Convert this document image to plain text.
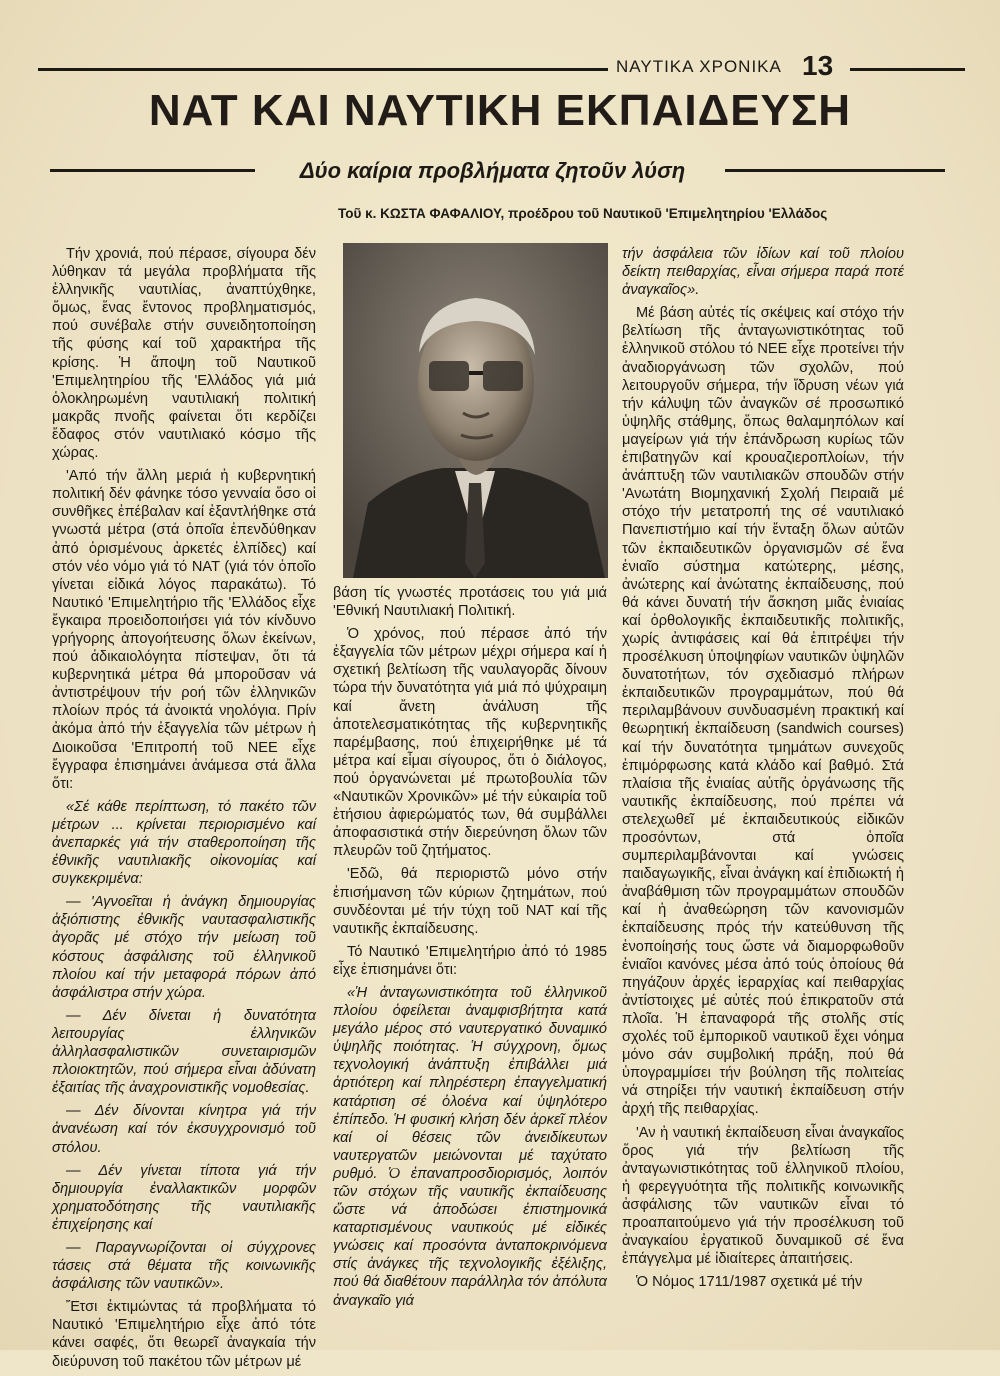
ΝΑΥΤΙΚΑ ΧΡΟΝΙΚΑ 13
ΝΑΤ ΚΑΙ ΝΑΥΤΙΚΗ ΕΚΠΑΙΔΕΥΣΗ
Δύο καίρια προβλήματα ζητοῦν λύση
Τοῦ κ. ΚΩΣΤΑ ΦΑΦΑΛΙΟΥ, προέδρου τοῦ Ναυτικοῦ 'Επιμελητηρίου 'Ελλάδος

Τήν χρονιά, πού πέρασε, σίγουρα δέν λύθηκαν τά μεγάλα προβλήματα τῆς ἑλληνικῆς ναυτιλίας, ἀναπτύχθηκε, ὅμως, ἕνας ἔντονος προβληματισμός, πού συνέβαλε στήν συνειδητοποίηση τῆς φύσης καί τοῦ χαρακτήρα τῆς κρίσης. Ἡ ἄποψη τοῦ Ναυτικοῦ 'Επιμελητηρίου τῆς 'Ελλάδος γιά μιά ὁλοκληρωμένη ναυτιλιακή πολιτική μακρᾶς πνοῆς φαίνεται ὅτι κερδίζει ἔδαφος στόν ναυτιλιακό κόσμο τῆς χώρας.

'Από τήν ἄλλη μεριά ἡ κυβερνητική πολιτική δέν φάνηκε τόσο γενναία ὅσο οἱ συνθῆκες ἐπέβαλαν καί ἐξαντλήθηκε στά γνωστά μέτρα (στά ὁποῖα ἐπενδύθηκαν ἀπό ὁρισμένους ἀρκετές ἐλπίδες) καί στόν νέο νόμο γιά τό ΝΑΤ (γιά τόν ὁποῖο γίνεται εἰδικά λόγος παρακάτω). Τό Ναυτικό 'Επιμελητήριο τῆς 'Ελλάδος εἶχε ἔγκαιρα προειδοποιήσει γιά τόν κίνδυνο γρήγορης ἀπογοήτευσης ὅλων ἐκείνων, πού ἀδικαιολόγητα πίστεψαν, ὅτι τά κυβερνητικά μέτρα θά μποροῦσαν νά ἀντιστρέψουν τήν ροή τῶν ἑλληνικῶν πλοίων πρός τά ἀνοικτά νηολόγια. Πρίν ἀκόμα ἀπό τήν ἐξαγγελία τῶν μέτρων ἡ Διοικοῦσα 'Επιτροπή τοῦ ΝΕΕ εἶχε ἔγγραφα ἐπισημάνει ἀνάμεσα στά ἄλλα ὅτι:

«Σέ κάθε περίπτωση, τό πακέτο τῶν μέτρων ... κρίνεται περιορισμένο καί ἀνεπαρκές γιά τήν σταθεροποίηση τῆς ἐθνικῆς ναυτιλιακῆς οἰκονομίας καί συγκεκριμένα:

— 'Αγνοεῖται ἡ ἀνάγκη δημιουργίας ἀξιόπιστης ἐθνικῆς ναυτασφαλιστικῆς ἀγορᾶς μέ στόχο τήν μείωση τοῦ κόστους ἀσφάλισης τοῦ ἑλληνικοῦ πλοίου καί τήν μεταφορά πόρων ἀπό ἀσφάλιστρα στήν χώρα.

— Δέν δίνεται ἡ δυνατότητα λειτουργίας ἑλληνικῶν ἀλληλασφαλιστικῶν συνεταιρισμῶν πλοιοκτητῶν, πού σήμερα εἶναι ἀδύνατη ἐξαιτίας τῆς ἀναχρονιστικῆς νομοθεσίας.

— Δέν δίνονται κίνητρα γιά τήν ἀνανέωση καί τόν ἐκσυγχρονισμό τοῦ στόλου.

— Δέν γίνεται τίποτα γιά τήν δημιουργία ἐναλλακτικῶν μορφῶν χρηματοδότησης τῆς ναυτιλιακῆς ἐπιχείρησης καί

— Παραγνωρίζονται οἱ σύγχρονες τάσεις στά θέματα τῆς κοινωνικῆς ἀσφάλισης τῶν ναυτικῶν».

Ἔτσι ἐκτιμώντας τά προβλήματα τό Ναυτικό 'Επιμελητήριο εἶχε ἀπό τότε κάνει σαφές, ὅτι θεωρεῖ ἀναγκαία τήν διεύρυνση τοῦ πακέτου τῶν μέτρων μέ

βάση τίς γνωστές προτάσεις του γιά μιά 'Εθνική Ναυτιλιακή Πολιτική.

Ὁ χρόνος, πού πέρασε ἀπό τήν ἐξαγγελία τῶν μέτρων μέχρι σήμερα καί ἡ σχετική βελτίωση τῆς ναυλαγορᾶς δίνουν τώρα τήν δυνατότητα γιά μιά πό ψύχραιμη καί ἄνετη ἀνάλυση τῆς ἀποτελεσματικότητας τῆς κυβερνητικῆς παρέμβασης, πού ἐπιχειρήθηκε μέ τά μέτρα καί εἶμαι σίγουρος, ὅτι ὁ διάλογος, πού ὀργανώνεται μέ πρωτοβουλία τῶν «Ναυτικῶν Χρονικῶν» μέ τήν εὐκαιρία τοῦ ἐτήσιου ἀφιερώματός των, θά συμβάλλει ἀποφασιστικά στήν διερεύνηση ὅλων τῶν πλευρῶν τοῦ ζητήματος.

'Εδῶ, θά περιοριστῶ μόνο στήν ἐπισήμανση τῶν κύριων ζητημάτων, πού συνδέονται μέ τήν τύχη τοῦ ΝΑΤ καί τῆς ναυτικῆς ἐκπαίδευσης.

Τό Ναυτικό 'Επιμελητήριο ἀπό τό 1985 εἶχε ἐπισημάνει ὅτι:

«Ἡ ἀνταγωνιστικότητα τοῦ ἑλληνικοῦ πλοίου ὀφείλεται ἀναμφισβήτητα κατά μεγάλο μέρος στό ναυτεργατικό δυναμικό ὑψηλῆς ποιότητας. Ἡ σύγχρονη, ὅμως τεχνολογική ἀνάπτυξη ἐπιβάλλει μιά ἀρτιότερη καί πληρέστερη ἐπαγγελματική κατάρτιση σέ ὁλοένα καί ὑψηλότερο ἐπίπεδο. Ἡ φυσική κλήση δέν ἀρκεῖ πλέον καί οἱ θέσεις τῶν ἀνειδίκευτων ναυτεργατῶν μειώνονται μέ ταχύτατο ρυθμό. Ὁ ἐπαναπροσδιορισμός, λοιπόν τῶν στόχων τῆς ναυτικῆς ἐκπαίδευσης ὥστε νά ἀποδώσει ἐπιστημονικά καταρτισμένους ναυτικούς μέ εἰδικές γνώσεις καί προσόντα ἀνταποκρινόμενα στίς ἀνάγκες τῆς τεχνολογικῆς ἐξέλιξης, πού θά διαθέτουν παράλληλα τόν ἀπόλυτα ἀναγκαῖο γιά

τήν ἀσφάλεια τῶν ἰδίων καί τοῦ πλοίου δείκτη πειθαρχίας, εἶναι σήμερα παρά ποτέ ἀναγκαῖος».

Μέ βάση αὐτές τίς σκέψεις καί στόχο τήν βελτίωση τῆς ἀνταγωνιστικότητας τοῦ ἑλληνικοῦ στόλου τό ΝΕΕ εἶχε προτείνει τήν ἀναδιοργάνωση τῶν σχολῶν, πού λειτουργοῦν σήμερα, τήν ἵδρυση νέων γιά τήν κάλυψη τῶν ἀναγκῶν σέ προσωπικό ὑψηλῆς στάθμης, ὅπως θαλαμηπόλων καί μαγείρων γιά τήν ἐπάνδρωση κυρίως τῶν ἐπιβατηγῶν καί κρουαζιεροπλοίων, τήν ἀνάπτυξη τῶν ναυτιλιακῶν σπουδῶν στήν 'Ανωτάτη Βιομηχανική Σχολή Πειραιᾶ μέ στόχο τήν μετατροπή της σέ ναυτιλιακό Πανεπιστήμιο καί τήν ἔνταξη ὅλων αὐτῶν τῶν ἐκπαιδευτικῶν ὀργανισμῶν σέ ἕνα ἑνιαῖο σύστημα κατώτερης, μέσης, ἀνώτερης καί ἀνώτατης ἐκπαίδευσης, πού θά κάνει δυνατή τήν ἄσκηση μιᾶς ἑνιαίας καί ὀρθολογικῆς ἐκπαιδευτικῆς πολιτικῆς, χωρίς ἀντιφάσεις καί θά ἐπιτρέψει τήν προσέλκυση ὑποψηφίων ναυτικῶν ὑψηλῶν δυνατοτήτων, τόν σχεδιασμό πλήρων ἐκπαιδευτικῶν προγραμμάτων, πού θά περιλαμβάνουν συνδυασμένη πρακτική καί θεωρητική ἐκπαίδευση (sandwich courses) καί τήν δυνατότητα τμημάτων συνεχοῦς ἐπιμόρφωσης κατά κλάδο καί βαθμό. Στά πλαίσια τῆς ἑνιαίας αὐτῆς ὀργάνωσης τῆς ναυτικῆς ἐκπαίδευσης, πού πρέπει νά στελεχωθεῖ μέ ἐκπαιδευτικούς εἰδικῶν προσόντων, στά ὁποῖα συμπεριλαμβάνονται καί γνώσεις παιδαγωγικῆς, εἶναι ἀνάγκη καί ἐπιδιωκτή ἡ ἀναβάθμιση τῶν προγραμμάτων σπουδῶν καί ἡ ἀναθεώρηση τῶν κανονισμῶν ἐκπαίδευσης πρός τήν κατεύθυνση τῆς ἑνοποίησής τους ὥστε νά διαμορφωθοῦν ἑνιαῖοι κανόνες μέσα ἀπό τούς ὁποίους θά πηγάζουν ἀρχές ἱεραρχίας καί πειθαρχίας ἀντίστοιχες μέ αὐτές πού ἐπικρατοῦν στά πλοῖα. Ἡ ἐπαναφορά τῆς στολῆς στίς σχολές τοῦ ἐμπορικοῦ ναυτικοῦ ἔχει νόημα μόνο σάν συμβολική πράξη, πού θά ὑπογραμμίσει τήν βούληση τῆς πολιτείας νά στηρίξει τήν ναυτική ἐκπαίδευση στήν ἀρχή τῆς πειθαρχίας.

'Αν ἡ ναυτική ἐκπαίδευση εἶναι ἀναγκαῖος ὅρος γιά τήν βελτίωση τῆς ἀνταγωνιστικότητας τοῦ ἑλληνικοῦ πλοίου, ἡ φερεγγυότητα τῆς πολιτικῆς κοινωνικῆς ἀσφάλισης τῶν ναυτικῶν εἶναι τό προαπαιτούμενο γιά τήν προσέλκυση τοῦ ἀναγκαίου ἐργατικοῦ δυναμικοῦ σέ ἕνα ἐπάγγελμα μέ ἰδιαίτερες ἀπαιτήσεις.

Ὁ Νόμος 1711/1987 σχετικά μέ τήν
